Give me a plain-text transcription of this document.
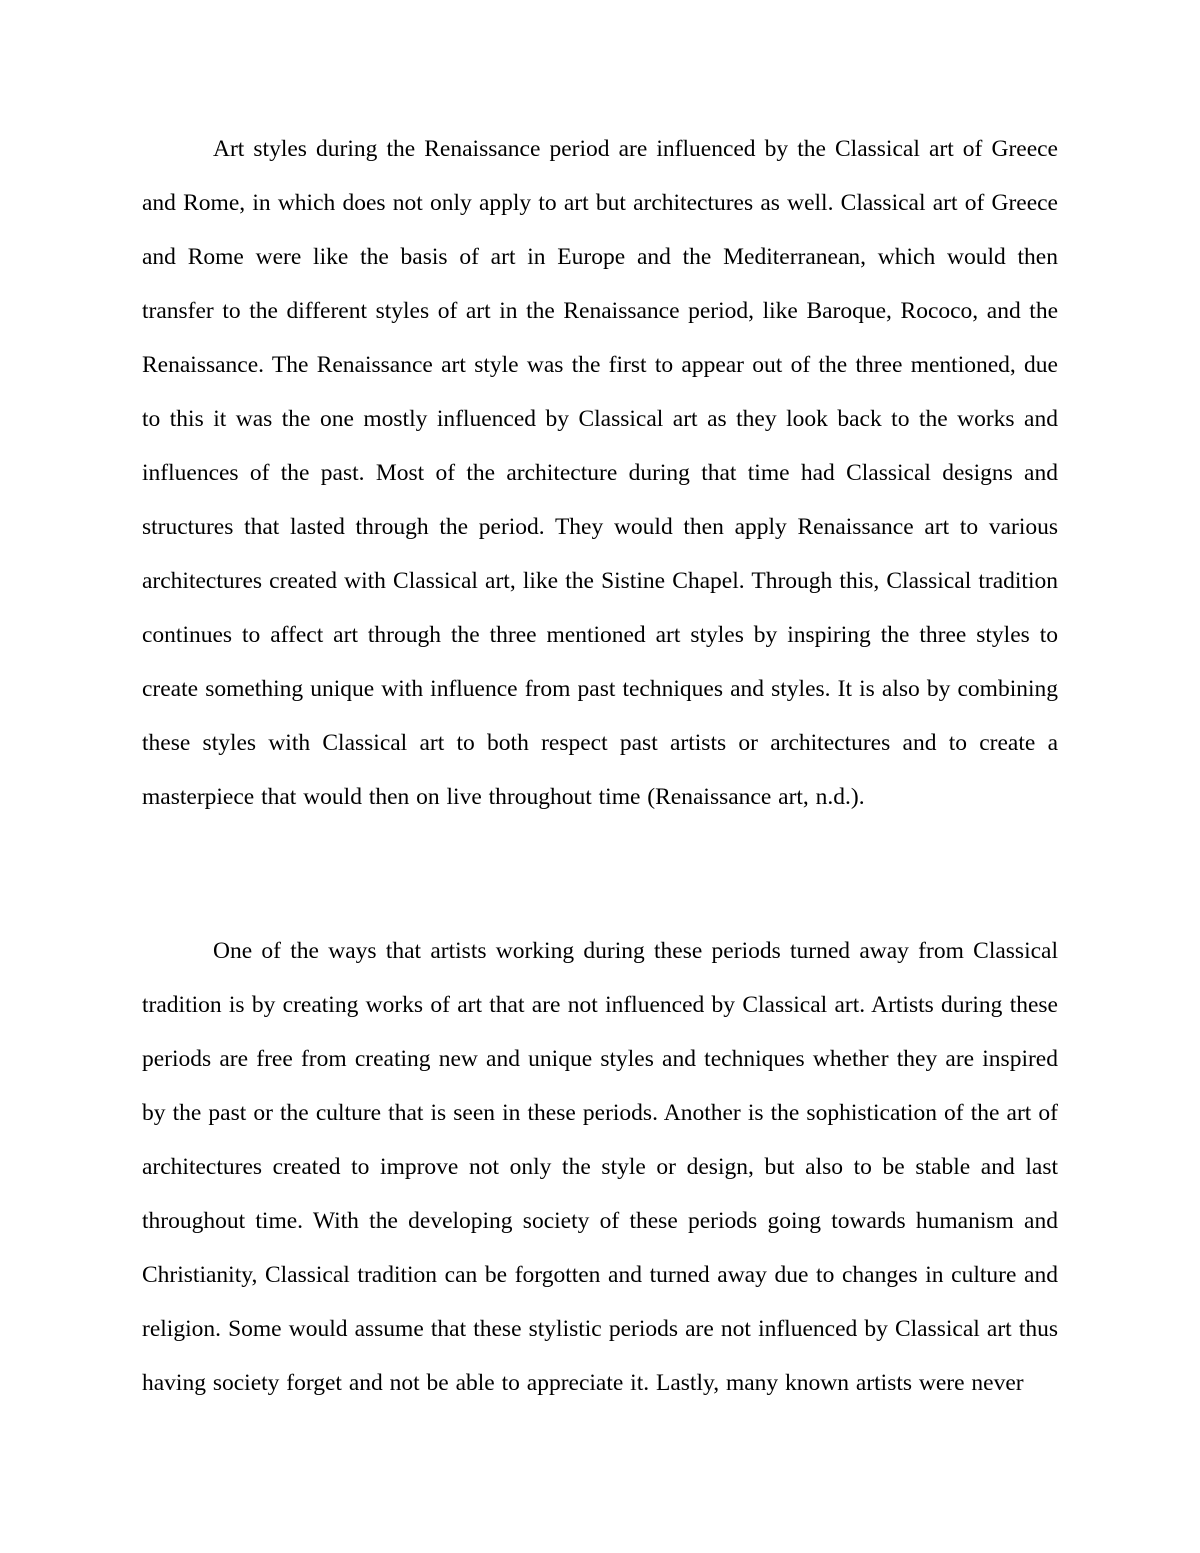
Art styles during the Renaissance period are influenced by the Classical art of Greece and Rome, in which does not only apply to art but architectures as well. Classical art of Greece and Rome were like the basis of art in Europe and the Mediterranean, which would then transfer to the different styles of art in the Renaissance period, like Baroque, Rococo, and the Renaissance. The Renaissance art style was the first to appear out of the three mentioned, due to this it was the one mostly influenced by Classical art as they look back to the works and influences of the past. Most of the architecture during that time had Classical designs and structures that lasted through the period. They would then apply Renaissance art to various architectures created with Classical art, like the Sistine Chapel. Through this, Classical tradition continues to affect art through the three mentioned art styles by inspiring the three styles to create something unique with influence from past techniques and styles. It is also by combining these styles with Classical art to both respect past artists or architectures and to create a masterpiece that would then on live throughout time (Renaissance art, n.d.).

One of the ways that artists working during these periods turned away from Classical tradition is by creating works of art that are not influenced by Classical art. Artists during these periods are free from creating new and unique styles and techniques whether they are inspired by the past or the culture that is seen in these periods. Another is the sophistication of the art of architectures created to improve not only the style or design, but also to be stable and last throughout time. With the developing society of these periods going towards humanism and Christianity, Classical tradition can be forgotten and turned away due to changes in culture and religion. Some would assume that these stylistic periods are not influenced by Classical art thus having society forget and not be able to appreciate it. Lastly, many known artists were never
